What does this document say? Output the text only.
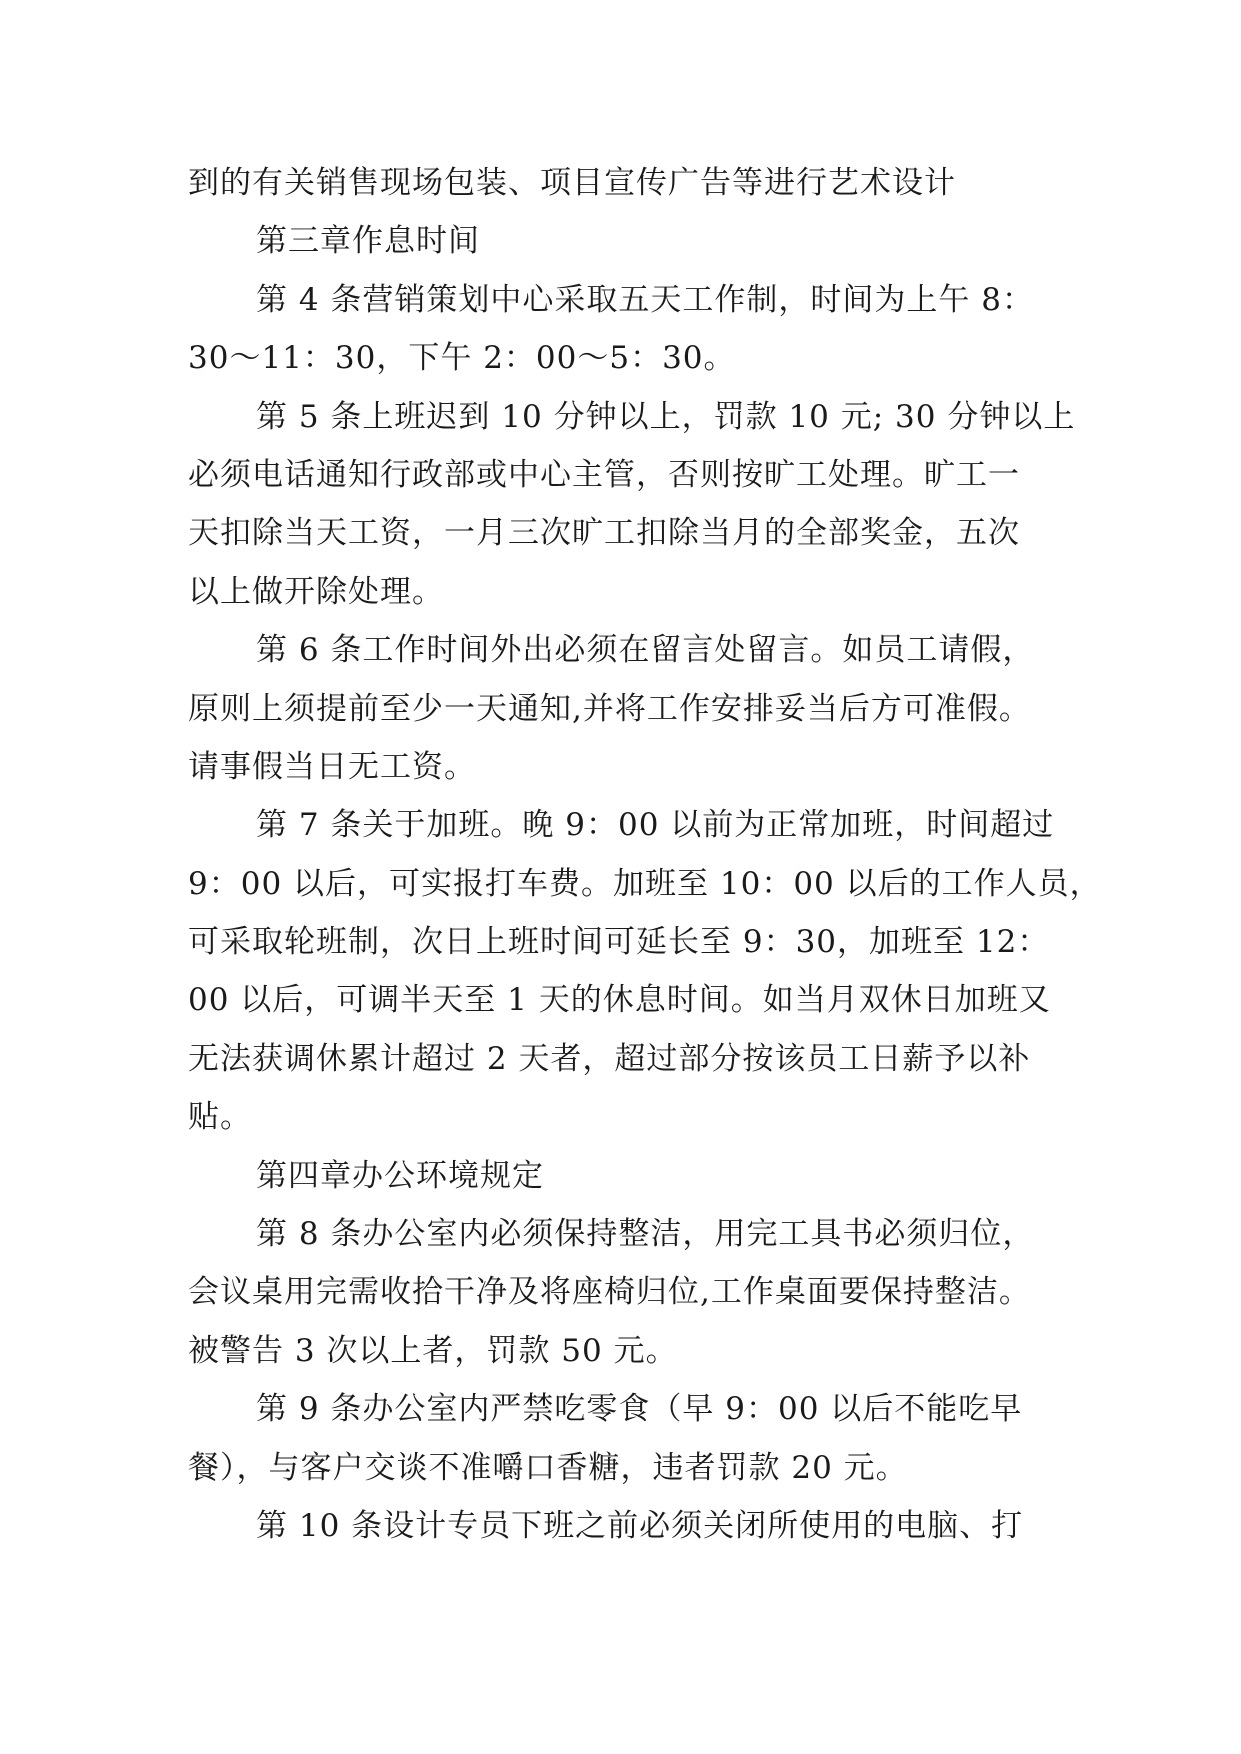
到的有关销售现场包装、项目宣传广告等进行艺术设计
第三章作息时间
第 4 条营销策划中心采取五天工作制，时间为上午 8：
30～11：30，下午 2：00～5：30。
第 5 条上班迟到 10 分钟以上，罚款 10 元; 30 分钟以上
必须电话通知行政部或中心主管，否则按旷工处理。旷工一
天扣除当天工资，一月三次旷工扣除当月的全部奖金，五次
以上做开除处理。
第 6 条工作时间外出必须在留言处留言。如员工请假，
原则上须提前至少一天通知,并将工作安排妥当后方可准假。
请事假当日无工资。
第 7 条关于加班。晚 9：00 以前为正常加班，时间超过
9：00 以后，可实报打车费。加班至 10：00 以后的工作人员，
可采取轮班制，次日上班时间可延长至 9：30，加班至 12：
00 以后，可调半天至 1 天的休息时间。如当月双休日加班又
无法获调休累计超过 2 天者，超过部分按该员工日薪予以补
贴。
第四章办公环境规定
第 8 条办公室内必须保持整洁，用完工具书必须归位，
会议桌用完需收拾干净及将座椅归位,工作桌面要保持整洁。
被警告 3 次以上者，罚款 50 元。
第 9 条办公室内严禁吃零食（早 9：00 以后不能吃早
餐），与客户交谈不准嚼口香糖，违者罚款 20 元。
第 10 条设计专员下班之前必须关闭所使用的电脑、打
